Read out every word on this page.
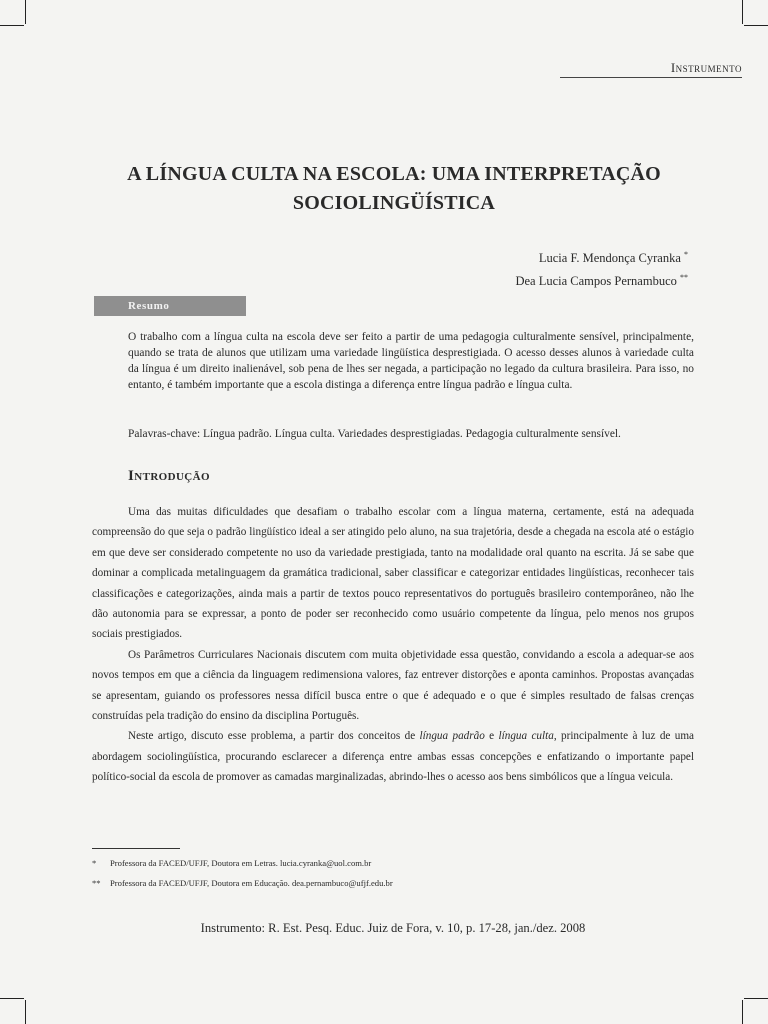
Instrumento
A LÍNGUA CULTA NA ESCOLA: UMA INTERPRETAÇÃO SOCIOLINGÜÍSTICA
Lucia F. Mendonça Cyranka *
Dea Lucia Campos Pernambuco **
Resumo

O trabalho com a língua culta na escola deve ser feito a partir de uma pedagogia culturalmente sensível, principalmente, quando se trata de alunos que utilizam uma variedade lingüística desprestigiada. O acesso desses alunos à variedade culta da língua é um direito inalienável, sob pena de lhes ser negada, a participação no legado da cultura brasileira. Para isso, no entanto, é também importante que a escola distinga a diferença entre língua padrão e língua culta.

Palavras-chave: Língua padrão. Língua culta. Variedades desprestigiadas. Pedagogia culturalmente sensível.

Introdução

Uma das muitas dificuldades que desafiam o trabalho escolar com a língua materna, certamente, está na adequada compreensão do que seja o padrão lingüístico ideal a ser atingido pelo aluno, na sua trajetória, desde a chegada na escola até o estágio em que deve ser considerado competente no uso da variedade prestigiada, tanto na modalidade oral quanto na escrita. Já se sabe que dominar a complicada metalinguagem da gramática tradicional, saber classificar e categorizar entidades lingüísticas, reconhecer tais classificações e categorizações, ainda mais a partir de textos pouco representativos do português brasileiro contemporâneo, não lhe dão autonomia para se expressar, a ponto de poder ser reconhecido como usuário competente da língua, pelo menos nos grupos sociais prestigiados.

Os Parâmetros Curriculares Nacionais discutem com muita objetividade essa questão, convidando a escola a adequar-se aos novos tempos em que a ciência da linguagem redimensiona valores, faz entrever distorções e aponta caminhos. Propostas avançadas se apresentam, guiando os professores nessa difícil busca entre o que é adequado e o que é simples resultado de falsas crenças construídas pela tradição do ensino da disciplina Português.

Neste artigo, discuto esse problema, a partir dos conceitos de língua padrão e língua culta, principalmente à luz de uma abordagem sociolingüística, procurando esclarecer a diferença entre ambas essas concepções e enfatizando o importante papel político-social da escola de promover as camadas marginalizadas, abrindo-lhes o acesso aos bens simbólicos que a língua veicula.

* Professora da FACED/UFJF, Doutora em Letras. lucia.cyranka@uol.com.br
** Professora da FACED/UFJF, Doutora em Educação. dea.pernambuco@ufjf.edu.br
Instrumento: R. Est. Pesq. Educ. Juiz de Fora, v. 10, p. 17-28, jan./dez. 2008
